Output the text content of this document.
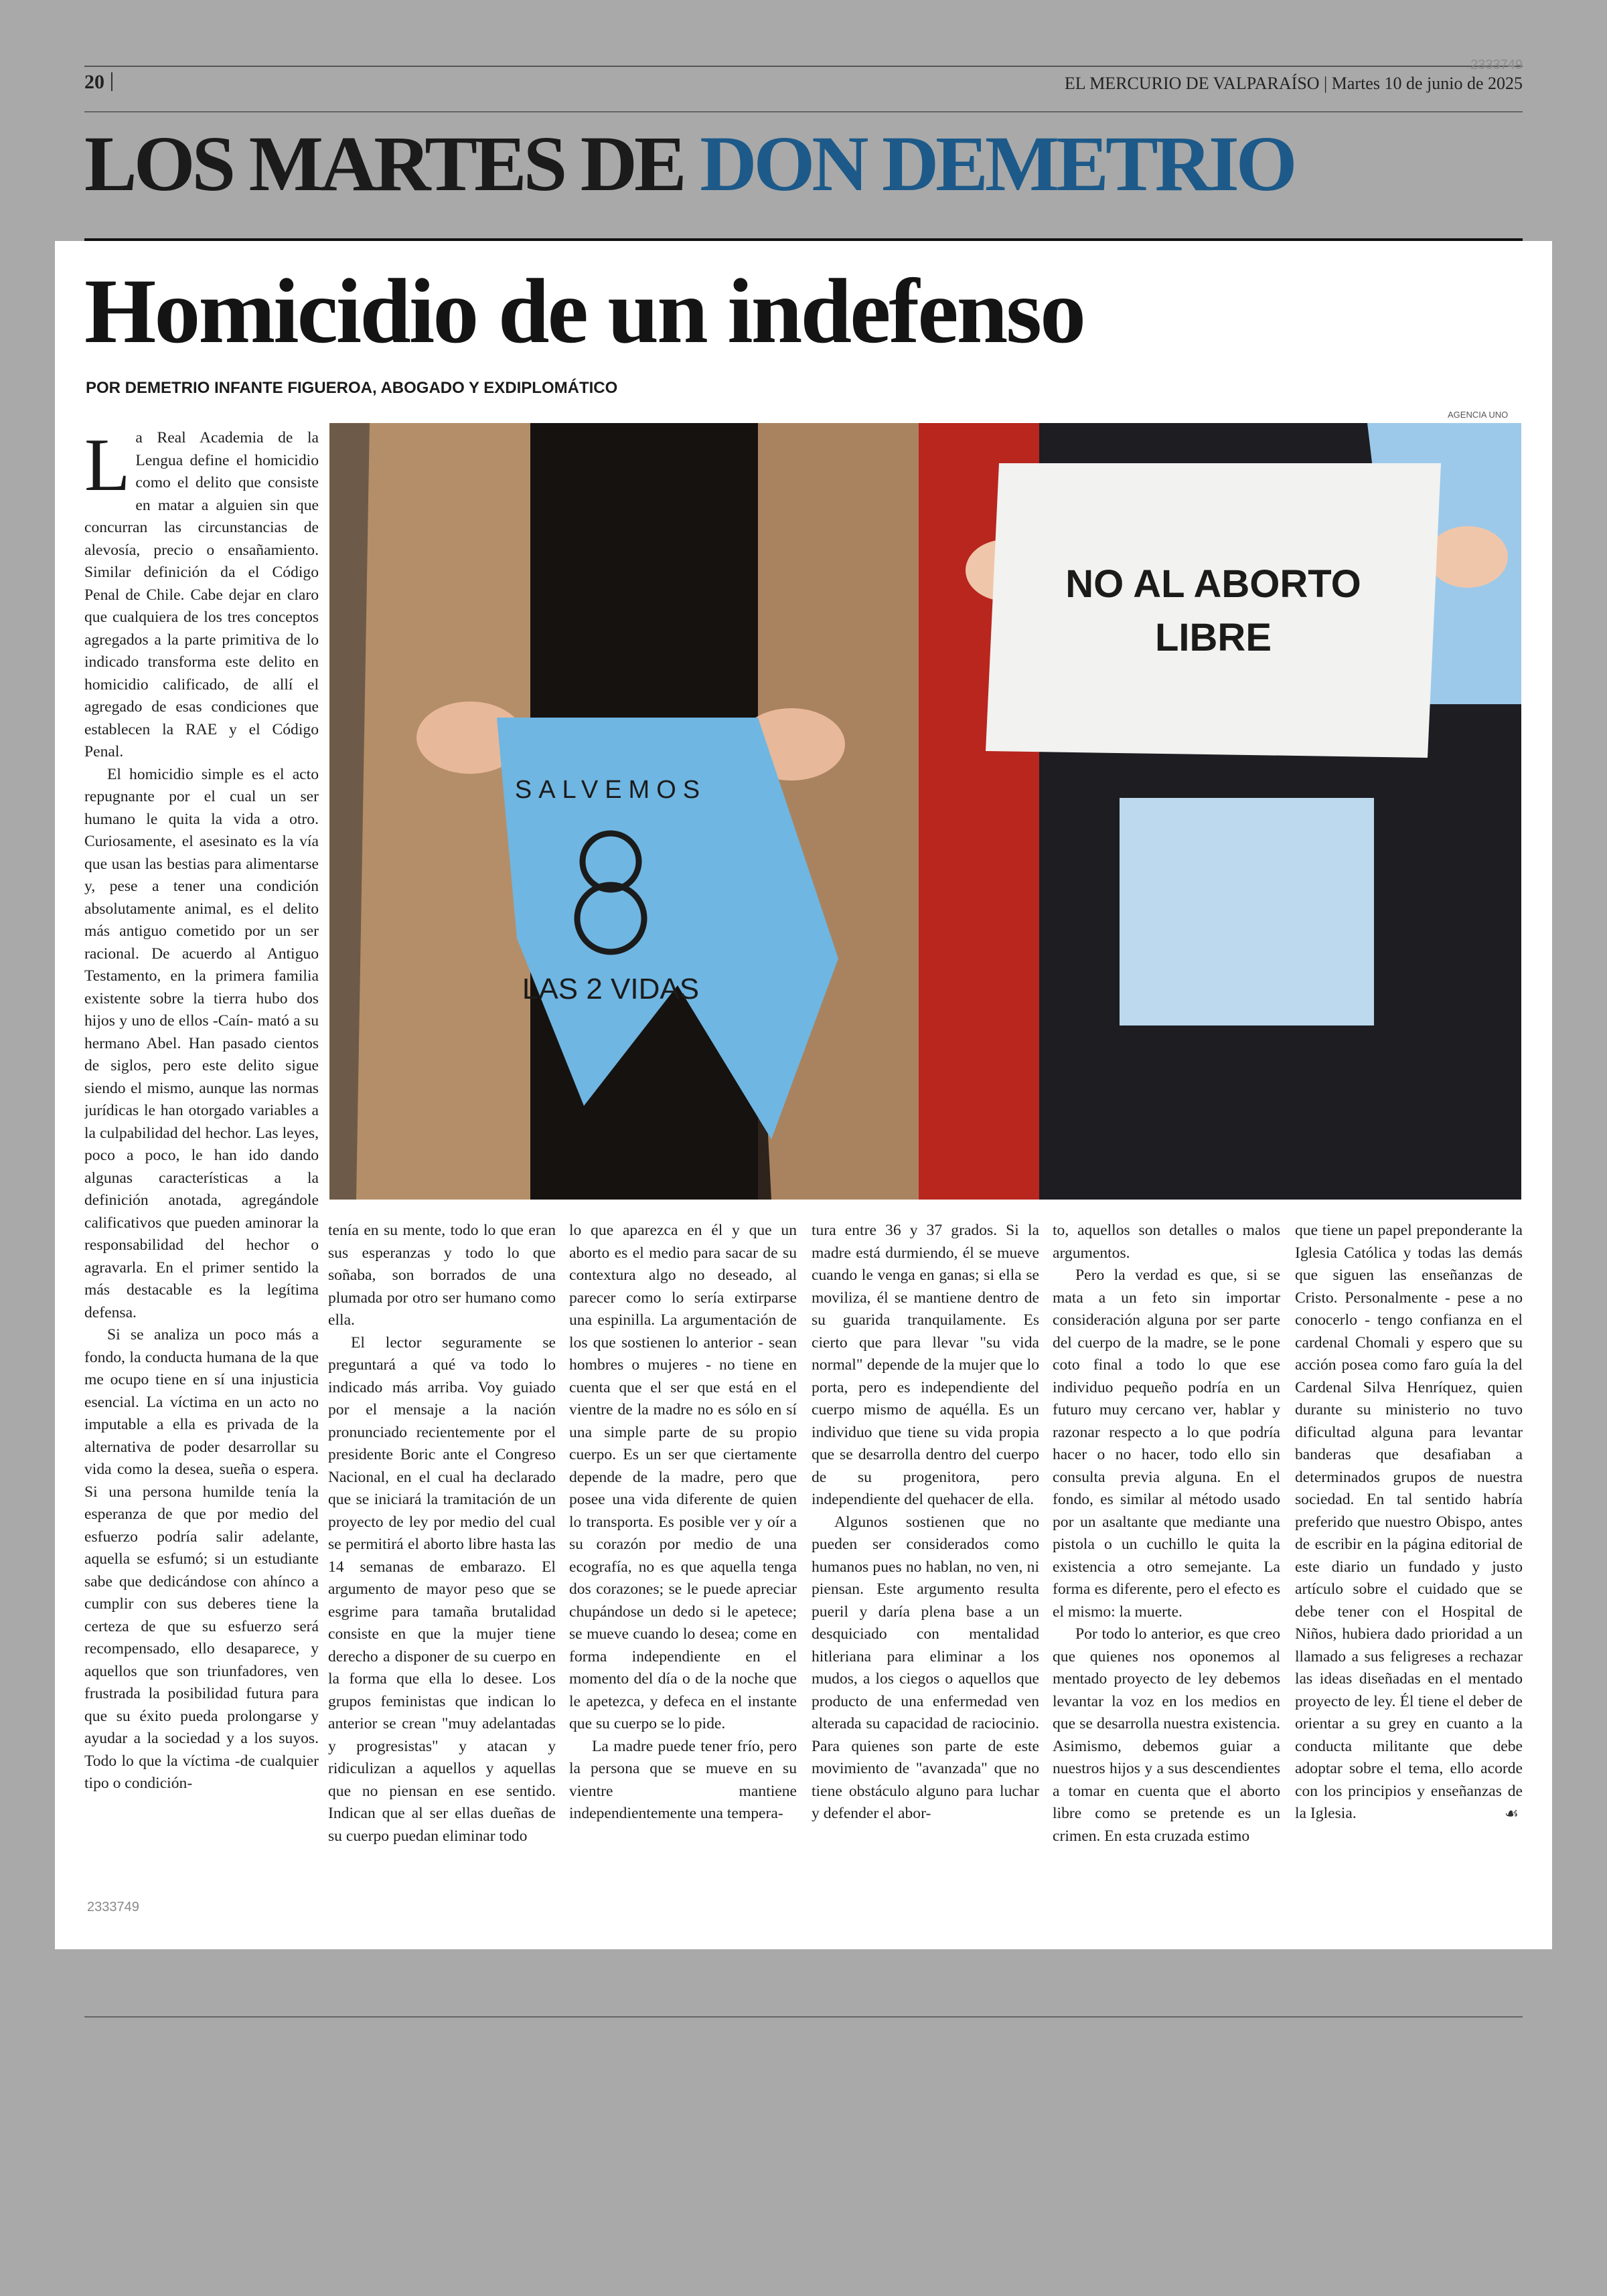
20
2333749
EL MERCURIO DE VALPARAÍSO | Martes 10 de junio de 2025
LOS MARTES DE DON DEMETRIO
Homicidio de un indefenso
POR DEMETRIO INFANTE FIGUEROA, ABOGADO Y EXDIPLOMÁTICO
AGENCIA UNO

La Real Academia de la Lengua define el homicidio como el delito que consiste en matar a alguien sin que concurran las circunstancias de alevosía, precio o ensañamiento. Similar definición da el Código Penal de Chile. Cabe dejar en claro que cualquiera de los tres conceptos agregados a la parte primitiva de lo indicado transforma este delito en homicidio calificado, de allí el agregado de esas condiciones que establecen la RAE y el Código Penal.

El homicidio simple es el acto repugnante por el cual un ser humano le quita la vida a otro. Curiosamente, el asesinato es la vía que usan las bestias para alimentarse y, pese a tener una condición absolutamente animal, es el delito más antiguo cometido por un ser racional. De acuerdo al Antiguo Testamento, en la primera familia existente sobre la tierra hubo dos hijos y uno de ellos -Caín- mató a su hermano Abel. Han pasado cientos de siglos, pero este delito sigue siendo el mismo, aunque las normas jurídicas le han otorgado variables a la culpabilidad del hechor. Las leyes, poco a poco, le han ido dando algunas características a la definición anotada, agregándole calificativos que pueden aminorar la responsabilidad del hechor o agravarla. En el primer sentido la más destacable es la legítima defensa.

Si se analiza un poco más a fondo, la conducta humana de la que me ocupo tiene en sí una injusticia esencial. La víctima en un acto no imputable a ella es privada de la alternativa de poder desarrollar su vida como la desea, sueña o espera. Si una persona humilde tenía la esperanza de que por medio del esfuerzo podría salir adelante, aquella se esfumó; si un estudiante sabe que dedicándose con ahínco a cumplir con sus deberes tiene la certeza de que su esfuerzo será recompensado, ello desaparece, y aquellos que son triunfadores, ven frustrada la posibilidad futura para que su éxito pueda prolongarse y ayudar a la sociedad y a los suyos. Todo lo que la víctima -de cualquier tipo o condición-

SALVEMOS
LAS 2 VIDAS
NO AL ABORTO
LIBRE

tenía en su mente, todo lo que eran sus esperanzas y todo lo que soñaba, son borrados de una plumada por otro ser humano como ella.

El lector seguramente se preguntará a qué va todo lo indicado más arriba. Voy guiado por el mensaje a la nación pronunciado recientemente por el presidente Boric ante el Congreso Nacional, en el cual ha declarado que se iniciará la tramitación de un proyecto de ley por medio del cual se permitirá el aborto libre hasta las 14 semanas de embarazo. El argumento de mayor peso que se esgrime para tamaña brutalidad consiste en que la mujer tiene derecho a disponer de su cuerpo en la forma que ella lo desee. Los grupos feministas que indican lo anterior se crean "muy adelantadas y progresistas" y atacan y ridiculizan a aquellos y aquellas que no piensan en ese sentido. Indican que al ser ellas dueñas de su cuerpo puedan eliminar todo

lo que aparezca en él y que un aborto es el medio para sacar de su contextura algo no deseado, al parecer como lo sería extirparse una espinilla. La argumentación de los que sostienen lo anterior - sean hombres o mujeres - no tiene en cuenta que el ser que está en el vientre de la madre no es sólo en sí una simple parte de su propio cuerpo. Es un ser que ciertamente depende de la madre, pero que posee una vida diferente de quien lo transporta. Es posible ver y oír a su corazón por medio de una ecografía, no es que aquella tenga dos corazones; se le puede apreciar chupándose un dedo si le apetece; se mueve cuando lo desea; come en forma independiente en el momento del día o de la noche que le apetezca, y defeca en el instante que su cuerpo se lo pide.

La madre puede tener frío, pero la persona que se mueve en su vientre mantiene independientemente una tempera-

tura entre 36 y 37 grados. Si la madre está durmiendo, él se mueve cuando le venga en ganas; si ella se moviliza, él se mantiene dentro de su guarida tranquilamente. Es cierto que para llevar "su vida normal" depende de la mujer que lo porta, pero es independiente del cuerpo mismo de aquélla. Es un individuo que tiene su vida propia que se desarrolla dentro del cuerpo de su progenitora, pero independiente del quehacer de ella.

Algunos sostienen que no pueden ser considerados como humanos pues no hablan, no ven, ni piensan. Este argumento resulta pueril y daría plena base a un desquiciado con mentalidad hitleriana para eliminar a los mudos, a los ciegos o aquellos que producto de una enfermedad ven alterada su capacidad de raciocinio. Para quienes son parte de este movimiento de "avanzada" que no tiene obstáculo alguno para luchar y defender el abor-

to, aquellos son detalles o malos argumentos.

Pero la verdad es que, si se mata a un feto sin importar consideración alguna por ser parte del cuerpo de la madre, se le pone coto final a todo lo que ese individuo pequeño podría en un futuro muy cercano ver, hablar y razonar respecto a lo que podría hacer o no hacer, todo ello sin consulta previa alguna. En el fondo, es similar al método usado por un asaltante que mediante una pistola o un cuchillo le quita la existencia a otro semejante. La forma es diferente, pero el efecto es el mismo: la muerte.

Por todo lo anterior, es que creo que quienes nos oponemos al mentado proyecto de ley debemos levantar la voz en los medios en que se desarrolla nuestra existencia. Asimismo, debemos guiar a nuestros hijos y a sus descendientes a tomar en cuenta que el aborto libre como se pretende es un crimen. En esta cruzada estimo

que tiene un papel preponderante la Iglesia Católica y todas las demás que siguen las enseñanzas de Cristo. Personalmente - pese a no conocerlo - tengo confianza en el cardenal Chomali y espero que su acción posea como faro guía la del Cardenal Silva Henríquez, quien durante su ministerio no tuvo dificultad alguna para levantar banderas que desafiaban a determinados grupos de nuestra sociedad. En tal sentido habría preferido que nuestro Obispo, antes de escribir en la página editorial de este diario un fundado y justo artículo sobre el cuidado que se debe tener con el Hospital de Niños, hubiera dado prioridad a un llamado a sus feligreses a rechazar las ideas diseñadas en el mentado proyecto de ley. Él tiene el deber de orientar a su grey en cuanto a la conducta militante que debe adoptar sobre el tema, ello acorde con los principios y enseñanzas de la Iglesia.	☙

2333749
